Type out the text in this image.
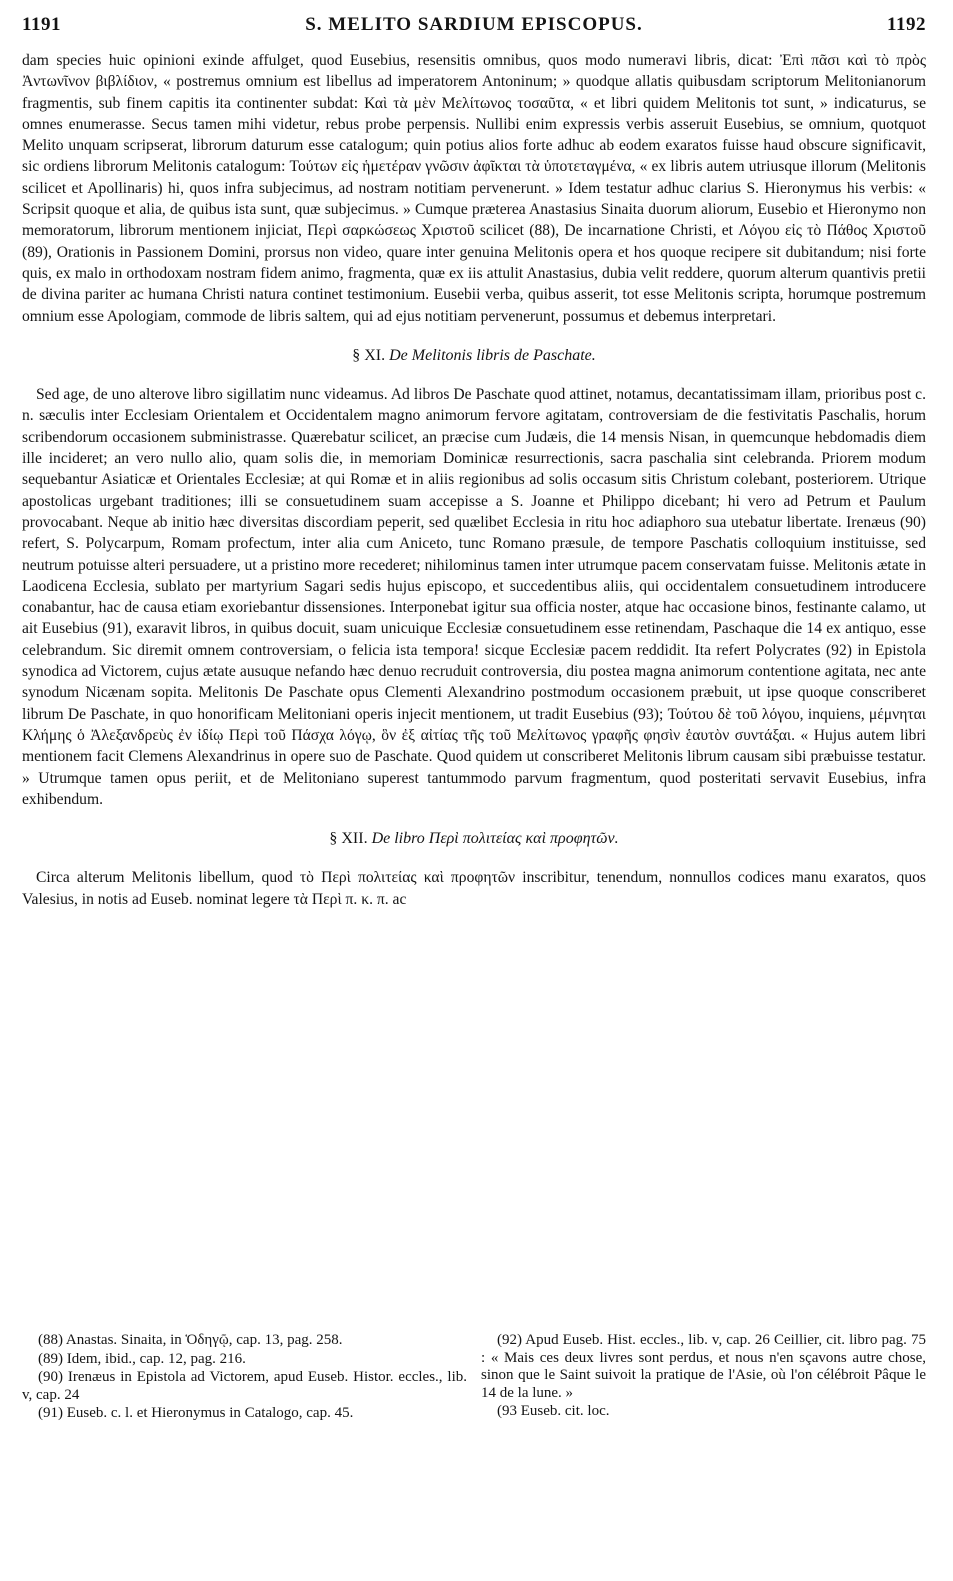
1191	S. MELITO SARDIUM EPISCOPUS.	1192

dam species huic opinioni exinde affulget, quod Eusebius, resensitis omnibus, quos modo numeravi libris, dicat: Ἐπὶ πᾶσι καὶ τὸ πρὸς Ἀντωνῖνον βιβλίδιον, « postremus omnium est libellus ad imperatorem Antoninum; » quodque allatis quibusdam scriptorum Melitonianorum fragmentis, sub finem capitis ita continenter subdat: Καὶ τὰ μὲν Μελίτωνος τοσαῦτα, « et libri quidem Melitonis tot sunt, » indicaturus, se omnes enumerasse. Secus tamen mihi videtur, rebus probe perpensis. Nullibi enim expressis verbis asseruit Eusebius, se omnium, quotquot Melito unquam scripserat, librorum daturum esse catalogum; quin potius alios forte adhuc ab eodem exaratos fuisse haud obscure significavit, sic ordiens librorum Melitonis catalogum: Τούτων εἰς ἡμετέραν γνῶσιν ἀφῖκται τὰ ὑποτεταγμένα, « ex libris autem utriusque illorum (Melitonis scilicet et Apollinaris) hi, quos infra subjecimus, ad nostram notitiam pervenerunt. » Idem testatur adhuc clarius S. Hieronymus his verbis: « Scripsit quoque et alia, de quibus ista sunt, quæ subjecimus. » Cumque præterea Anastasius Sinaita duorum aliorum, Eusebio et Hieronymo non memoratorum, librorum mentionem injiciat, Περὶ σαρκώσεως Χριστοῦ scilicet (88), De incarnatione Christi, et Λόγου εἰς τὸ Πάθος Χριστοῦ (89), Orationis in Passionem Domini, prorsus non video, quare inter genuina Melitonis opera et hos quoque recipere sit dubitandum; nisi forte quis, ex malo in orthodoxam nostram fidem animo, fragmenta, quæ ex iis attulit Anastasius, dubia velit reddere, quorum alterum quantivis pretii de divina pariter ac humana Christi natura continet testimonium. Eusebii verba, quibus asserit, tot esse Melitonis scripta, horumque postremum omnium esse Apologiam, commode de libris saltem, qui ad ejus notitiam pervenerunt, possumus et debemus interpretari.

§ XI. De Melitonis libris de Paschate.

Sed age, de uno alterove libro sigillatim nunc videamus. Ad libros De Paschate quod attinet, notamus, decantatissimam illam, prioribus post c. n. sæculis inter Ecclesiam Orientalem et Occidentalem magno animorum fervore agitatam, controversiam de die festivitatis Paschalis, horum scribendorum occasionem subministrasse. Quærebatur scilicet, an præcise cum Judæis, die 14 mensis Nisan, in quemcunque hebdomadis diem ille incideret; an vero nullo alio, quam solis die, in memoriam Dominicæ resurrectionis, sacra paschalia sint celebranda. Priorem modum sequebantur Asiaticæ et Orientales Ecclesiæ; at qui Romæ et in aliis regionibus ad solis occasum sitis Christum colebant, posteriorem. Utrique apostolicas urgebant traditiones; illi se consuetudinem suam accepisse a S. Joanne et Philippo dicebant; hi vero ad Petrum et Paulum provocabant. Neque ab initio hæc diversitas discordiam peperit, sed quælibet Ecclesia in ritu hoc adiaphoro sua utebatur libertate. Irenæus (90) refert, S. Polycarpum, Romam profectum, inter alia cum Aniceto, tunc Romano præsule, de tempore Paschatis colloquium instituisse, sed neutrum potuisse alteri persuadere, ut a pristino more recederet; nihilominus tamen inter utrumque pacem conservatam fuisse. Melitonis ætate in Laodicena Ecclesia, sublato per martyrium Sagari sedis hujus episcopo, et succedentibus aliis, qui occidentalem consuetudinem introducere conabantur, hac de causa etiam exoriebantur dissensiones. Interponebat igitur sua officia noster, atque hac occasione binos, festinante calamo, ut ait Eusebius (91), exaravit libros, in quibus docuit, suam unicuique Ecclesiæ consuetudinem esse retinendam, Paschaque die 14 ex antiquo, esse celebrandum. Sic diremit omnem controversiam, o felicia ista tempora! sicque Ecclesiæ pacem reddidit. Ita refert Polycrates (92) in Epistola synodica ad Victorem, cujus ætate ausuque nefando hæc denuo recruduit controversia, diu postea magna animorum contentione agitata, nec ante synodum Nicænam sopita. Melitonis De Paschate opus Clementi Alexandrino postmodum occasionem præbuit, ut ipse quoque conscriberet librum De Paschate, in quo honorificam Melitoniani operis injecit mentionem, ut tradit Eusebius (93); Τούτου δὲ τοῦ λόγου, inquiens, μέμνηται Κλήμης ὁ Ἀλεξανδρεὺς ἐν ἰδίῳ Περὶ τοῦ Πάσχα λόγῳ, ὃν ἐξ αἰτίας τῆς τοῦ Μελίτωνος γραφῆς φησὶν ἑαυτὸν συντάξαι. « Hujus autem libri mentionem facit Clemens Alexandrinus in opere suo de Paschate. Quod quidem ut conscriberet Melitonis librum causam sibi præbuisse testatur. » Utrumque tamen opus periit, et de Melitoniano superest tantummodo parvum fragmentum, quod posteritati servavit Eusebius, infra exhibendum.

§ XII. De libro Περὶ πολιτείας καὶ προφητῶν.

Circa alterum Melitonis libellum, quod τὸ Περὶ πολιτείας καὶ προφητῶν inscribitur, tenendum, nonnullos codices manu exaratos, quos Valesius, in notis ad Euseb. nominat legere τὰ Περὶ π. κ. π. ac

(88) Anastas. Sinaita, in Ὁδηγῷ, cap. 13, pag. 258.

(89) Idem, ibid., cap. 12, pag. 216.

(90) Irenæus in Epistola ad Victorem, apud Euseb. Histor. eccles., lib. v, cap. 24

(91) Euseb. c. l. et Hieronymus in Catalogo, cap. 45.

(92) Apud Euseb. Hist. eccles., lib. v, cap. 26 Ceillier, cit. libro pag. 75 : « Mais ces deux livres sont perdus, et nous n'en sçavons autre chose, sinon que le Saint suivoit la pratique de l'Asie, où l'on célébroit Pâque le 14 de la lune. »

(93 Euseb. cit. loc.
